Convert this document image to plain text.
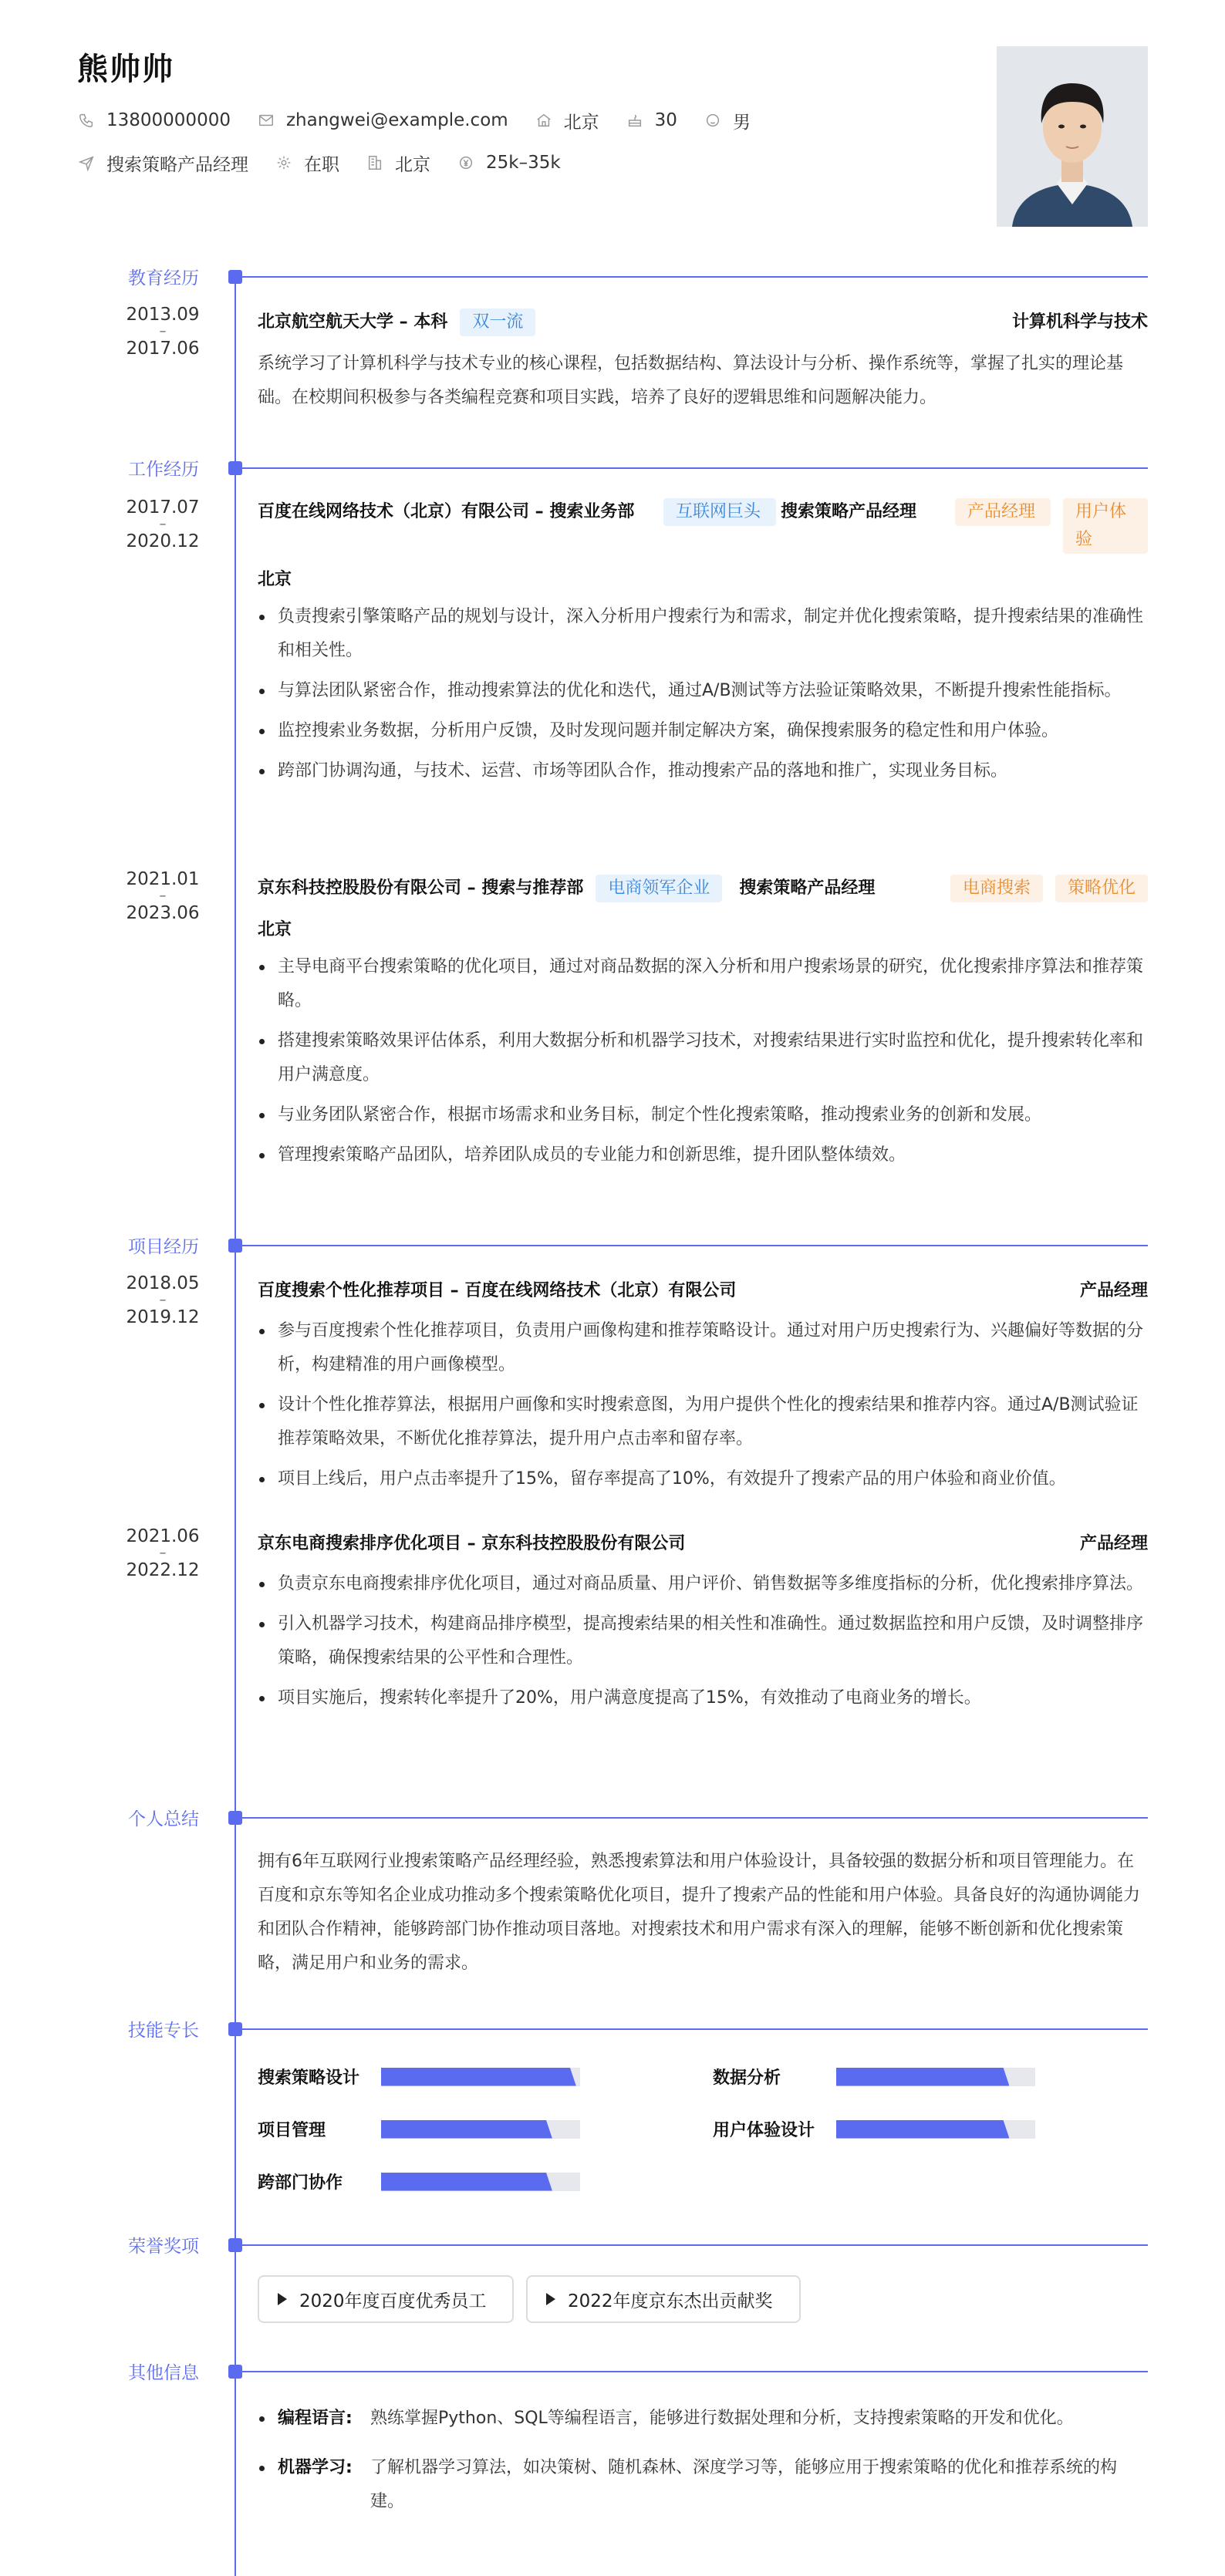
熊帅帅
13800000000	zhangwei@example.com	北京	30	男
搜索策略产品经理	在职	北京	25k–35k
教育经历
2013.09
–
2017.06
北京航空航天大学 – 本科	双一流	计算机科学与技术
系统学习了计算机科学与技术专业的核心课程，包括数据结构、算法设计与分析、操作系统等，掌握了扎实的理论基础。在校期间积极参与各类编程竞赛和项目实践，培养了良好的逻辑思维和问题解决能力。
工作经历
2017.07
–
2020.12
百度在线网络技术（北京）有限公司 – 搜索业务部	互联网巨头	搜索策略产品经理	产品经理	用户体验
北京
负责搜索引擎策略产品的规划与设计，深入分析用户搜索行为和需求，制定并优化搜索策略，提升搜索结果的准确性和相关性。
与算法团队紧密合作，推动搜索算法的优化和迭代，通过A/B测试等方法验证策略效果，不断提升搜索性能指标。
监控搜索业务数据，分析用户反馈，及时发现问题并制定解决方案，确保搜索服务的稳定性和用户体验。
跨部门协调沟通，与技术、运营、市场等团队合作，推动搜索产品的落地和推广，实现业务目标。
2021.01
–
2023.06
京东科技控股股份有限公司 – 搜索与推荐部	电商领军企业	搜索策略产品经理	电商搜索	策略优化
北京
主导电商平台搜索策略的优化项目，通过对商品数据的深入分析和用户搜索场景的研究，优化搜索排序算法和推荐策略。
搭建搜索策略效果评估体系，利用大数据分析和机器学习技术，对搜索结果进行实时监控和优化，提升搜索转化率和用户满意度。
与业务团队紧密合作，根据市场需求和业务目标，制定个性化搜索策略，推动搜索业务的创新和发展。
管理搜索策略产品团队，培养团队成员的专业能力和创新思维，提升团队整体绩效。
项目经历
2018.05
–
2019.12
百度搜索个性化推荐项目 – 百度在线网络技术（北京）有限公司	产品经理
参与百度搜索个性化推荐项目，负责用户画像构建和推荐策略设计。通过对用户历史搜索行为、兴趣偏好等数据的分析，构建精准的用户画像模型。
设计个性化推荐算法，根据用户画像和实时搜索意图，为用户提供个性化的搜索结果和推荐内容。通过A/B测试验证推荐策略效果，不断优化推荐算法，提升用户点击率和留存率。
项目上线后，用户点击率提升了15%，留存率提高了10%，有效提升了搜索产品的用户体验和商业价值。
2021.06
–
2022.12
京东电商搜索排序优化项目 – 京东科技控股股份有限公司	产品经理
负责京东电商搜索排序优化项目，通过对商品质量、用户评价、销售数据等多维度指标的分析，优化搜索排序算法。
引入机器学习技术，构建商品排序模型，提高搜索结果的相关性和准确性。通过数据监控和用户反馈，及时调整排序策略，确保搜索结果的公平性和合理性。
项目实施后，搜索转化率提升了20%，用户满意度提高了15%，有效推动了电商业务的增长。
个人总结
拥有6年互联网行业搜索策略产品经理经验，熟悉搜索算法和用户体验设计，具备较强的数据分析和项目管理能力。在百度和京东等知名企业成功推动多个搜索策略优化项目，提升了搜索产品的性能和用户体验。具备良好的沟通协调能力和团队合作精神，能够跨部门协作推动项目落地。对搜索技术和用户需求有深入的理解，能够不断创新和优化搜索策略，满足用户和业务的需求。
技能专长
搜索策略设计	数据分析
项目管理	用户体验设计
跨部门协作
荣誉奖项
2020年度百度优秀员工	2022年度京东杰出贡献奖
其他信息
编程语言:	熟练掌握Python、SQL等编程语言，能够进行数据处理和分析，支持搜索策略的开发和优化。
机器学习:	了解机器学习算法，如决策树、随机森林、深度学习等，能够应用于搜索策略的优化和推荐系统的构建。
